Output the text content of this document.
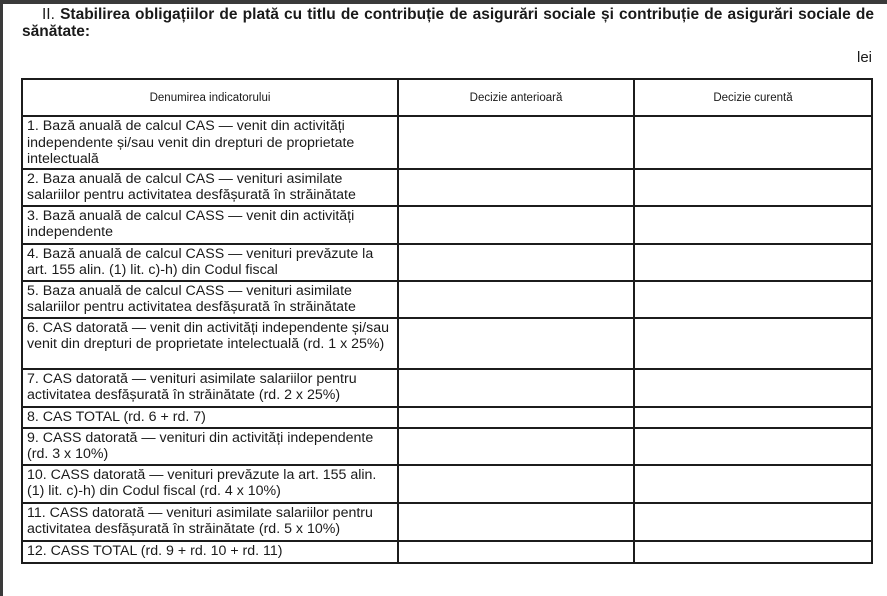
II. Stabilirea obligațiilor de plată cu titlu de contribuție de asigurări sociale și contribuție de asigurări sociale de sănătate:
lei
Denumirea indicatorului	Decizie anterioară	Decizie curentă
1. Bază anuală de calcul CAS — venit din activități independente și/sau venit din drepturi de proprietate intelectuală		
2. Baza anuală de calcul CAS — venituri asimilate salariilor pentru activitatea desfășurată în străinătate		
3. Bază anuală de calcul CASS — venit din activități independente		
4. Bază anuală de calcul CASS — venituri prevăzute la art. 155 alin. (1) lit. c)-h) din Codul fiscal		
5. Baza anuală de calcul CASS — venituri asimilate salariilor pentru activitatea desfășurată în străinătate		
6. CAS datorată — venit din activități independente și/sau venit din drepturi de proprietate intelectuală (rd. 1 x 25%)		
7. CAS datorată — venituri asimilate salariilor pentru activitatea desfășurată în străinătate (rd. 2 x 25%)		
8. CAS TOTAL (rd. 6 + rd. 7)		
9. CASS datorată — venituri din activități independente (rd. 3 x 10%)		
10. CASS datorată — venituri prevăzute la art. 155 alin. (1) lit. c)-h) din Codul fiscal (rd. 4 x 10%)		
11. CASS datorată — venituri asimilate salariilor pentru activitatea desfășurată în străinătate (rd. 5 x 10%)		
12. CASS TOTAL (rd. 9 + rd. 10 + rd. 11)		
